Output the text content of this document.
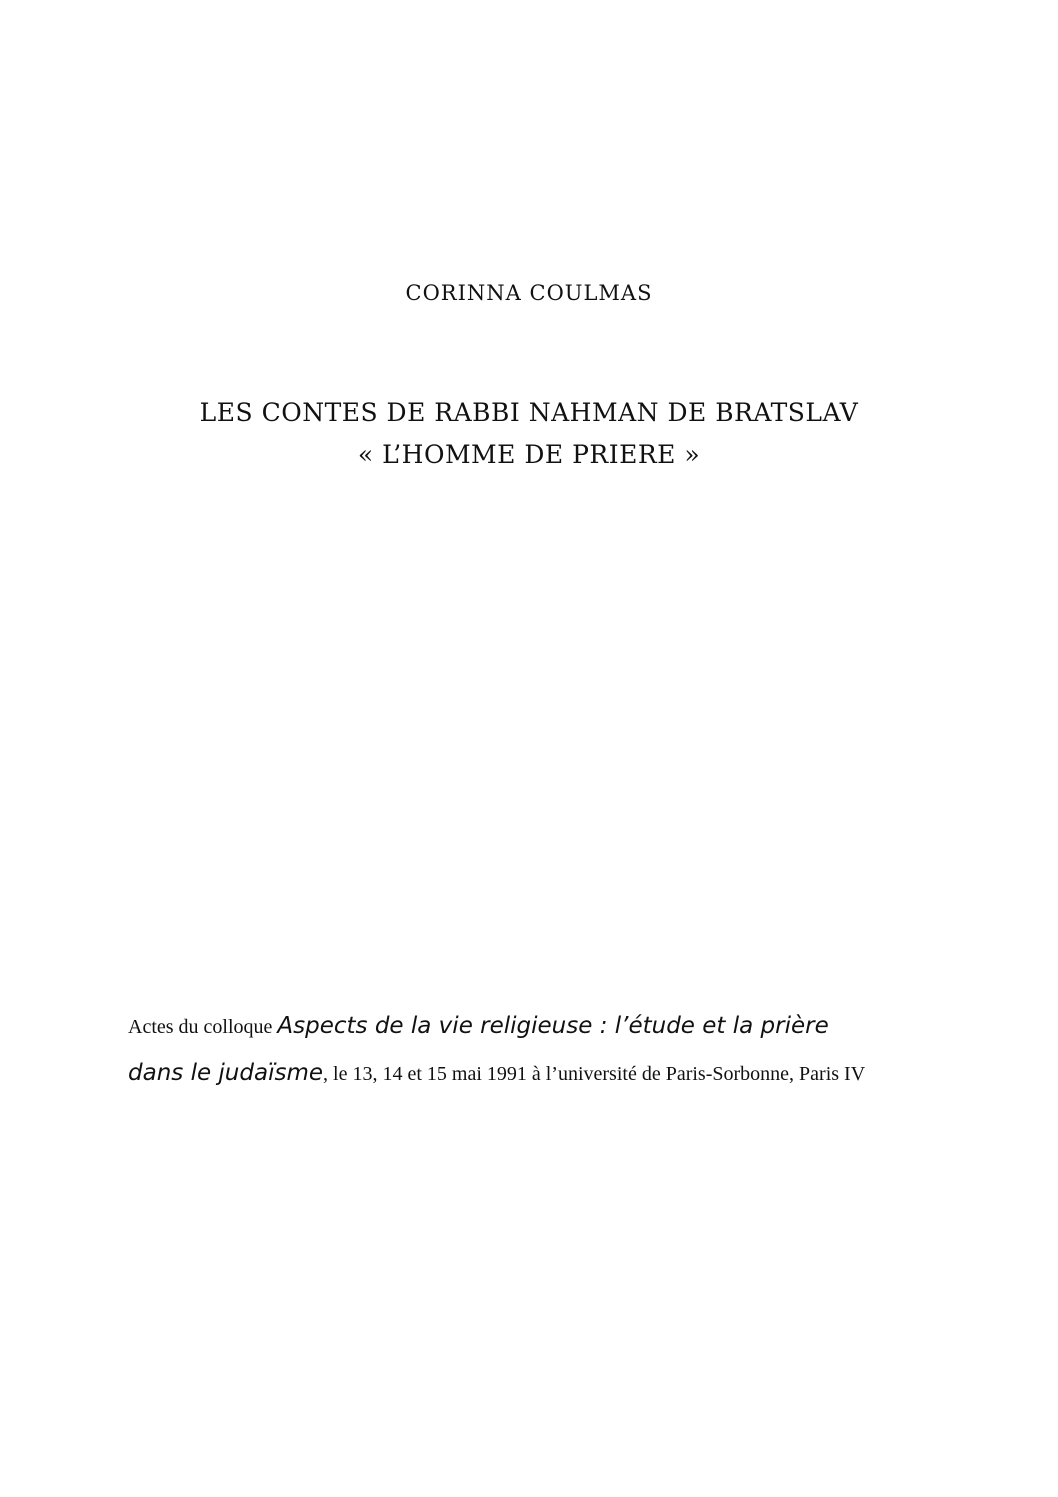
CORINNA COULMAS
LES CONTES DE RABBI NAHMAN DE BRATSLAV
« L’HOMME DE PRIERE »
Actes du colloque Aspects de la vie religieuse : l’étude et la prière dans le judaïsme, le 13, 14 et 15 mai 1991 à l’université de Paris-Sorbonne, Paris IV
